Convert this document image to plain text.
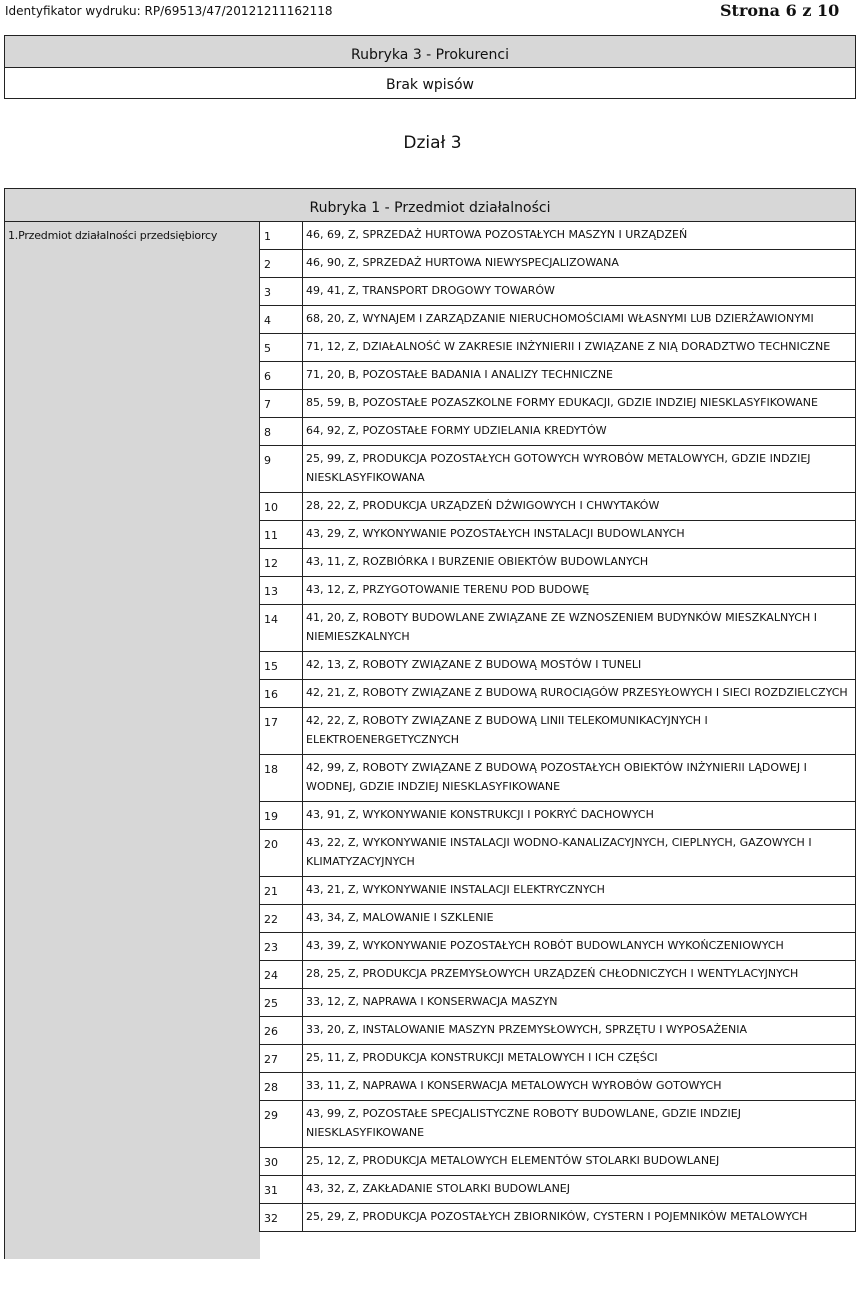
Identyfikator wydruku: RP/69513/47/20121211162118	Strona 6 z 10
Rubryka 3 - Prokurenci
Brak wpisów
Dział 3
Rubryka 1 - Przedmiot działalności
1.Przedmiot działalności przedsiębiorcy	1	46, 69, Z, SPRZEDAŻ HURTOWA POZOSTAŁYCH MASZYN I URZĄDZEŃ
2	46, 90, Z, SPRZEDAŻ HURTOWA NIEWYSPECJALIZOWANA
3	49, 41, Z, TRANSPORT DROGOWY TOWARÓW
4	68, 20, Z, WYNAJEM I ZARZĄDZANIE NIERUCHOMOŚCIAMI WŁASNYMI LUB DZIERŻAWIONYMI
5	71, 12, Z, DZIAŁALNOŚĆ W ZAKRESIE INŻYNIERII I ZWIĄZANE Z NIĄ DORADZTWO TECHNICZNE
6	71, 20, B, POZOSTAŁE BADANIA I ANALIZY TECHNICZNE
7	85, 59, B, POZOSTAŁE POZASZKOLNE FORMY EDUKACJI, GDZIE INDZIEJ NIESKLASYFIKOWANE
8	64, 92, Z, POZOSTAŁE FORMY UDZIELANIA KREDYTÓW
9	25, 99, Z, PRODUKCJA POZOSTAŁYCH GOTOWYCH WYROBÓW METALOWYCH, GDZIE INDZIEJ NIESKLASYFIKOWANA
10	28, 22, Z, PRODUKCJA URZĄDZEŃ DŹWIGOWYCH I CHWYTAKÓW
11	43, 29, Z, WYKONYWANIE POZOSTAŁYCH INSTALACJI BUDOWLANYCH
12	43, 11, Z, ROZBIÓRKA I BURZENIE OBIEKTÓW BUDOWLANYCH
13	43, 12, Z, PRZYGOTOWANIE TERENU POD BUDOWĘ
14	41, 20, Z, ROBOTY BUDOWLANE ZWIĄZANE ZE WZNOSZENIEM BUDYNKÓW MIESZKALNYCH I NIEMIESZKALNYCH
15	42, 13, Z, ROBOTY ZWIĄZANE Z BUDOWĄ MOSTÓW I TUNELI
16	42, 21, Z, ROBOTY ZWIĄZANE Z BUDOWĄ RUROCIĄGÓW PRZESYŁOWYCH I SIECI ROZDZIELCZYCH
17	42, 22, Z, ROBOTY ZWIĄZANE Z BUDOWĄ LINII TELEKOMUNIKACYJNYCH I ELEKTROENERGETYCZNYCH
18	42, 99, Z, ROBOTY ZWIĄZANE Z BUDOWĄ POZOSTAŁYCH OBIEKTÓW INŻYNIERII LĄDOWEJ I WODNEJ, GDZIE INDZIEJ NIESKLASYFIKOWANE
19	43, 91, Z, WYKONYWANIE KONSTRUKCJI I POKRYĆ DACHOWYCH
20	43, 22, Z, WYKONYWANIE INSTALACJI WODNO-KANALIZACYJNYCH, CIEPLNYCH, GAZOWYCH I KLIMATYZACYJNYCH
21	43, 21, Z, WYKONYWANIE INSTALACJI ELEKTRYCZNYCH
22	43, 34, Z, MALOWANIE I SZKLENIE
23	43, 39, Z, WYKONYWANIE POZOSTAŁYCH ROBÓT BUDOWLANYCH WYKOŃCZENIOWYCH
24	28, 25, Z, PRODUKCJA PRZEMYSŁOWYCH URZĄDZEŃ CHŁODNICZYCH I WENTYLACYJNYCH
25	33, 12, Z, NAPRAWA I KONSERWACJA MASZYN
26	33, 20, Z, INSTALOWANIE MASZYN PRZEMYSŁOWYCH, SPRZĘTU I WYPOSAŻENIA
27	25, 11, Z, PRODUKCJA KONSTRUKCJI METALOWYCH I ICH CZĘŚCI
28	33, 11, Z, NAPRAWA I KONSERWACJA METALOWYCH WYROBÓW GOTOWYCH
29	43, 99, Z, POZOSTAŁE SPECJALISTYCZNE ROBOTY BUDOWLANE, GDZIE INDZIEJ NIESKLASYFIKOWANE
30	25, 12, Z, PRODUKCJA METALOWYCH ELEMENTÓW STOLARKI BUDOWLANEJ
31	43, 32, Z, ZAKŁADANIE STOLARKI BUDOWLANEJ
32	25, 29, Z, PRODUKCJA POZOSTAŁYCH ZBIORNIKÓW, CYSTERN I POJEMNIKÓW METALOWYCH
